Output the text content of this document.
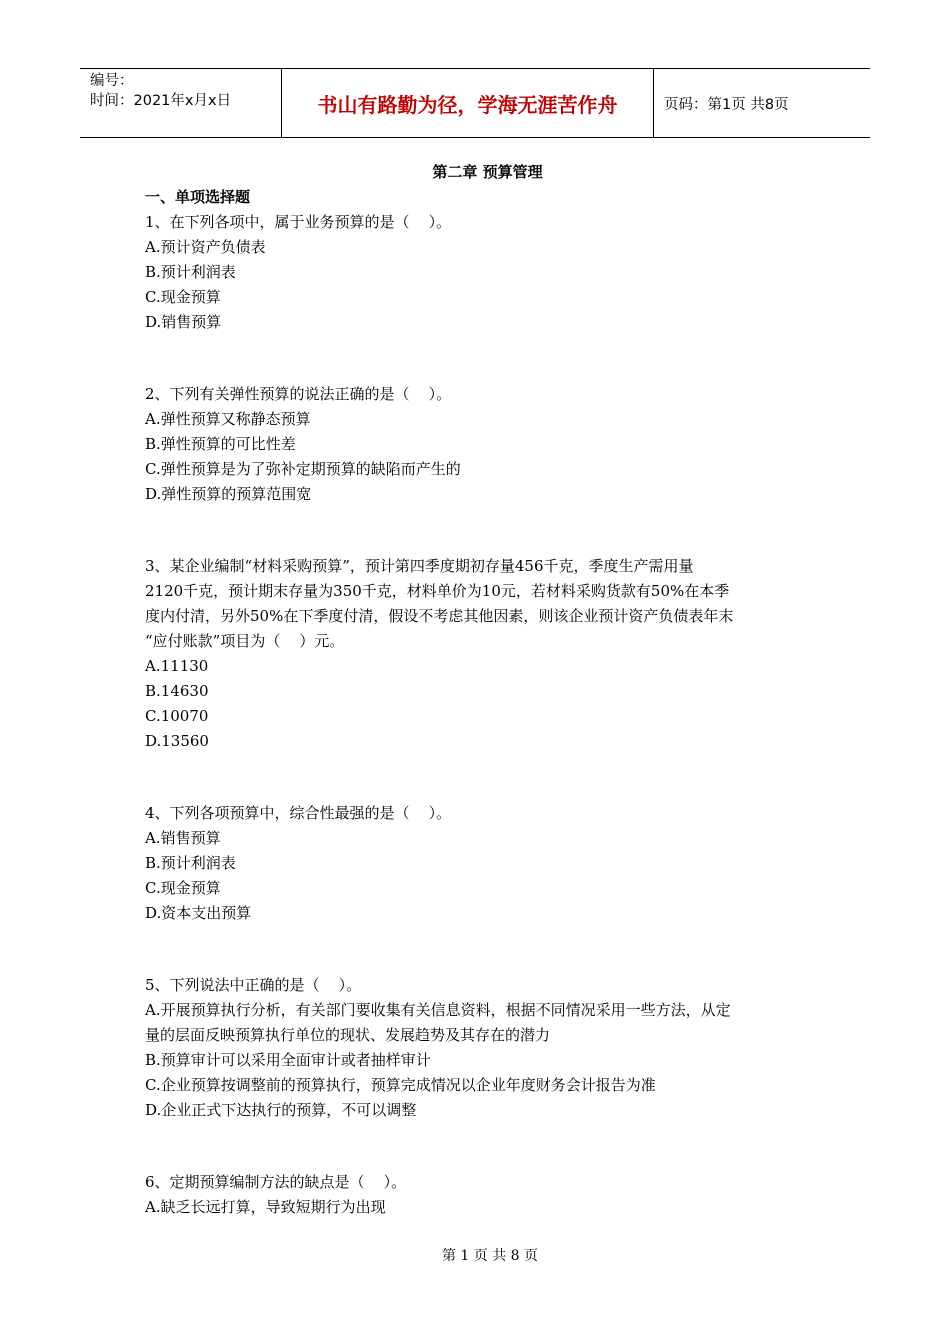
编号：
时间：2021年x月x日	书山有路勤为径，学海无涯苦作舟	页码：第1页 共8页
第二章 预算管理
一、单项选择题
1、在下列各项中，属于业务预算的是（    ）。
A.预计资产负债表
B.预计利润表
C.现金预算
D.销售预算
2、下列有关弹性预算的说法正确的是（    ）。
A.弹性预算又称静态预算
B.弹性预算的可比性差
C.弹性预算是为了弥补定期预算的缺陷而产生的
D.弹性预算的预算范围宽
3、某企业编制“材料采购预算”，预计第四季度期初存量456千克，季度生产需用量
2120千克，预计期末存量为350千克，材料单价为10元，若材料采购货款有50%在本季
度内付清，另外50%在下季度付清，假设不考虑其他因素，则该企业预计资产负债表年末
“应付账款”项目为（    ）元。
A.11130
B.14630
C.10070
D.13560
4、下列各项预算中，综合性最强的是（    ）。
A.销售预算
B.预计利润表
C.现金预算
D.资本支出预算
5、下列说法中正确的是（    ）。
A.开展预算执行分析，有关部门要收集有关信息资料，根据不同情况采用一些方法，从定
量的层面反映预算执行单位的现状、发展趋势及其存在的潜力
B.预算审计可以采用全面审计或者抽样审计
C.企业预算按调整前的预算执行，预算完成情况以企业年度财务会计报告为准
D.企业正式下达执行的预算，不可以调整
6、定期预算编制方法的缺点是（    ）。
A.缺乏长远打算，导致短期行为出现
第 1 页 共 8 页
